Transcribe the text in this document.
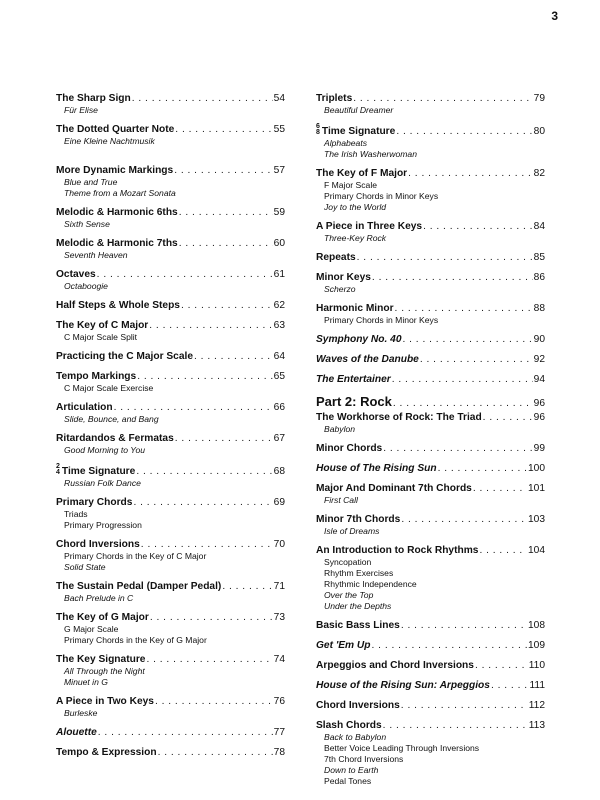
3
The Sharp Sign . . .	54
Für Elise
The Dotted Quarter Note . . .	55
Eine Kleine Nachtmusik
More Dynamic Markings . . .	57
Blue and True
Theme from a Mozart Sonata
Melodic & Harmonic 6ths . . .	59
Sixth Sense
Melodic & Harmonic 7ths . . .	60
Seventh Heaven
Octaves . . .	61
Octaboogie
Half Steps & Whole Steps . . .	62
The Key of C Major . . .	63
C Major Scale Split
Practicing the C Major Scale . . .	64
Tempo Markings . . .	65
C Major Scale Exercise
Articulation . . .	66
Slide, Bounce, and Bang
Ritardandos & Fermatas . . .	67
Good Morning to You
2
4 Time Signature . . .	68
Russian Folk Dance
Primary Chords . . .	69
Triads
Primary Progression
Chord Inversions . . .	70
Primary Chords in the Key of C Major
Solid State
The Sustain Pedal (Damper Pedal) . . .	71
Bach Prelude in C
The Key of G Major . . .	73
G Major Scale
Primary Chords in the Key of G Major
The Key Signature . . .	74
All Through the Night
Minuet in G
A Piece in Two Keys . . .	76
Burleske
Alouette . . .	77
Tempo & Expression . . .	78
Triplets . . .	79
Beautiful Dreamer
6
8 Time Signature . . .	80
Alphabeats
The Irish Washerwoman
The Key of F Major . . .	82
F Major Scale
Primary Chords in Minor Keys
Joy to the World
A Piece in Three Keys . . .	84
Three-Key Rock
Repeats . . .	85
Minor Keys . . .	86
Scherzo
Harmonic Minor . . .	88
Primary Chords in Minor Keys
Symphony No. 40 . . .	90
Waves of the Danube . . .	92
The Entertainer . . .	94
Part 2: Rock . . .	96
The Workhorse of Rock: The Triad . . .	96
Babylon
Minor Chords . . .	99
House of The Rising Sun . . .	100
Major And Dominant 7th Chords . . .	101
First Call
Minor 7th Chords . . .	103
Isle of Dreams
An Introduction to Rock Rhythms . . .	104
Syncopation
Rhythm Exercises
Rhythmic Independence
Over the Top
Under the Depths
Basic Bass Lines . . .	108
Get 'Em Up . . .	109
Arpeggios and Chord Inversions . . .	110
House of the Rising Sun: Arpeggios . . .	111
Chord Inversions . . .	112
Slash Chords . . .	113
Back to Babylon
Better Voice Leading Through Inversions
7th Chord Inversions
Down to Earth
Pedal Tones
